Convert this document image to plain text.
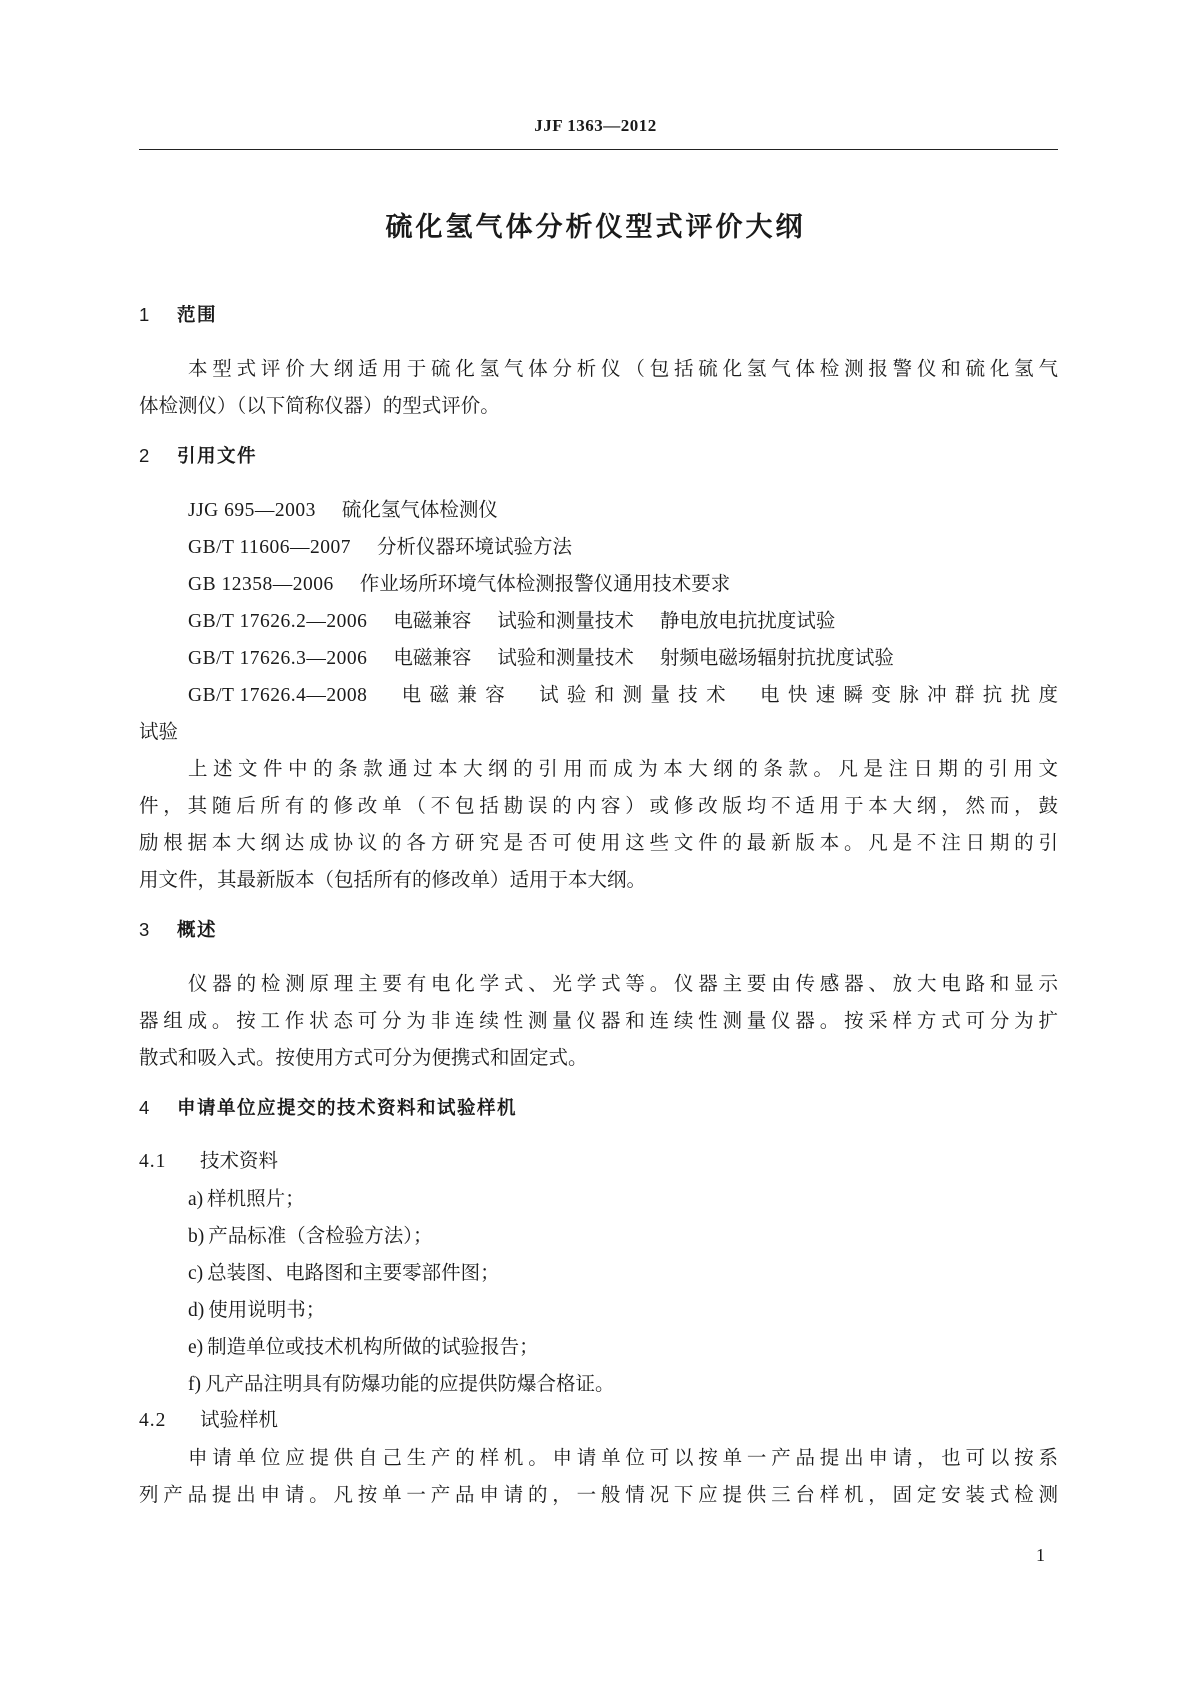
JJF 1363—2012
硫化氢气体分析仪型式评价大纲
1 范围
本型式评价大纲适用于硫化氢气体分析仪（包括硫化氢气体检测报警仪和硫化氢气
体检测仪）（以下简称仪器）的型式评价。
2 引用文件
JJG 695—2003 硫化氢气体检测仪
GB/T 11606—2007 分析仪器环境试验方法
GB 12358—2006 作业场所环境气体检测报警仪通用技术要求
GB/T 17626.2—2006 电磁兼容 试验和测量技术 静电放电抗扰度试验
GB/T 17626.3—2006 电磁兼容 试验和测量技术 射频电磁场辐射抗扰度试验
GB/T 17626.4—2008 电磁兼容 试验和测量技术 电快速瞬变脉冲群抗扰度
试验
上述文件中的条款通过本大纲的引用而成为本大纲的条款。凡是注日期的引用文
件，其随后所有的修改单（不包括勘误的内容）或修改版均不适用于本大纲，然而，鼓
励根据本大纲达成协议的各方研究是否可使用这些文件的最新版本。凡是不注日期的引
用文件，其最新版本（包括所有的修改单）适用于本大纲。
3 概述
仪器的检测原理主要有电化学式、光学式等。仪器主要由传感器、放大电路和显示
器组成。按工作状态可分为非连续性测量仪器和连续性测量仪器。按采样方式可分为扩
散式和吸入式。按使用方式可分为便携式和固定式。
4 申请单位应提交的技术资料和试验样机
4.1 技术资料
a) 样机照片；
b) 产品标准（含检验方法）；
c) 总装图、电路图和主要零部件图；
d) 使用说明书；
e) 制造单位或技术机构所做的试验报告；
f) 凡产品注明具有防爆功能的应提供防爆合格证。
4.2 试验样机
申请单位应提供自己生产的样机。申请单位可以按单一产品提出申请，也可以按系
列产品提出申请。凡按单一产品申请的，一般情况下应提供三台样机，固定安装式检测
1
